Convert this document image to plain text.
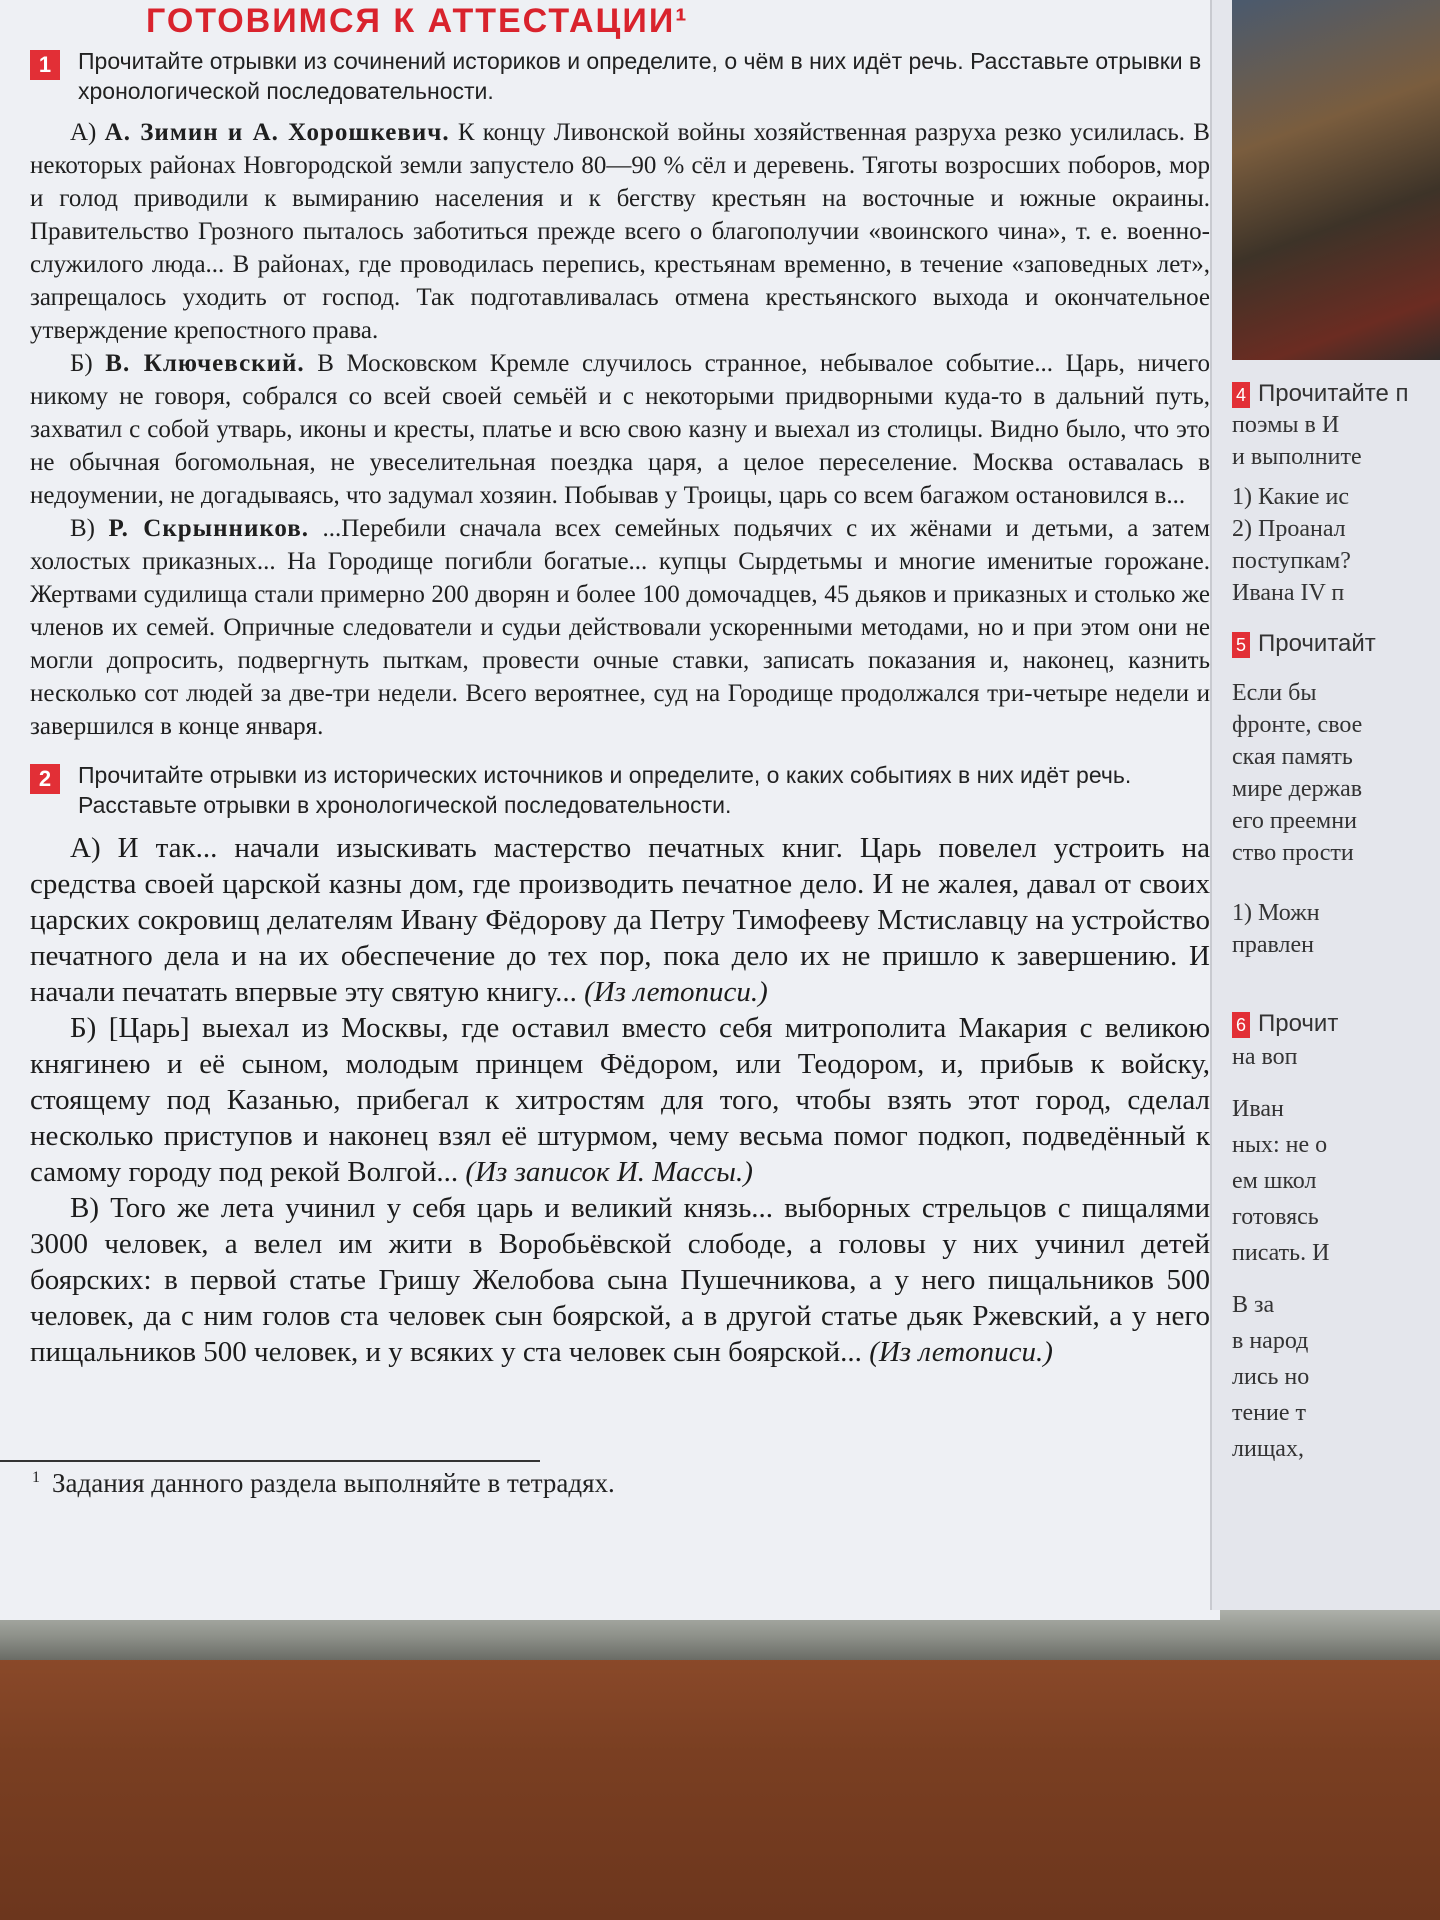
ГОТОВИМСЯ К АТТЕСТАЦИИ¹
1	Прочитайте отрывки из сочинений историков и определите, о чём в них идёт речь. Расставьте отрывки в хронологической последовательности.

А) А. Зимин и А. Хорошкевич. К концу Ливонской войны хозяйственная разруха резко усилилась. В некоторых районах Новгородской земли запустело 80—90 % сёл и деревень. Тяготы возросших поборов, мор и голод приводили к вымиранию населения и к бегству крестьян на восточные и южные окраины. Правительство Грозного пыталось заботиться прежде всего о благополучии «воинского чина», т. е. военно-служилого люда... В районах, где проводилась перепись, крестьянам временно, в течение «заповедных лет», запрещалось уходить от господ. Так подготавливалась отмена крестьянского выхода и окончательное утверждение крепостного права.

Б) В. Ключевский. В Московском Кремле случилось странное, небывалое событие... Царь, ничего никому не говоря, собрался со всей своей семьёй и с некоторыми придворными куда-то в дальний путь, захватил с собой утварь, иконы и кресты, платье и всю свою казну и выехал из столицы. Видно было, что это не обычная богомольная, не увеселительная поездка царя, а целое переселение. Москва оставалась в недоумении, не догадываясь, что задумал хозяин. Побывав у Троицы, царь со всем багажом остановился в...

В) Р. Скрынников. ...Перебили сначала всех семейных подьячих с их жёнами и детьми, а затем холостых приказных... На Городище погибли богатые... купцы Сырдетьмы и многие именитые горожане. Жертвами судилища стали примерно 200 дворян и более 100 домочадцев, 45 дьяков и приказных и столько же членов их семей. Опричные следователи и судьи действовали ускоренными методами, но и при этом они не могли допросить, подвергнуть пыткам, провести очные ставки, записать показания и, наконец, казнить несколько сот людей за две-три недели. Всего вероятнее, суд на Городище продолжался три-четыре недели и завершился в конце января.

2	Прочитайте отрывки из исторических источников и определите, о каких событиях в них идёт речь. Расставьте отрывки в хронологической последовательности.

А) И так... начали изыскивать мастерство печатных книг. Царь повелел устроить на средства своей царской казны дом, где производить печатное дело. И не жалея, давал от своих царских сокровищ делателям Ивану Фёдорову да Петру Тимофееву Мстиславцу на устройство печатного дела и на их обеспечение до тех пор, пока дело их не пришло к завершению. И начали печатать впервые эту святую книгу... (Из летописи.)

Б) [Царь] выехал из Москвы, где оставил вместо себя митрополита Макария с великою княгинею и её сыном, молодым принцем Фёдором, или Теодором, и, прибыв к войску, стоящему под Казанью, прибегал к хитростям для того, чтобы взять этот город, сделал несколько приступов и наконец взял её штурмом, чему весьма помог подкоп, подведённый к самому городу под рекой Волгой... (Из записок И. Массы.)

В) Того же лета учинил у себя царь и великий князь... выборных стрельцов с пищалями 3000 человек, а велел им жити в Воробьёвской слободе, а головы у них учинил детей боярских: в первой статье Гришу Желобова сына Пушечникова, а у него пищальников 500 человек, да с ним голов ста человек сын боярской, а в другой статье дьяк Ржевский, а у него пищальников 500 человек, и у всяких у ста человек сын боярской... (Из летописи.)

$^1$ Задания данного раздела выполняйте в тетрадях.
4 Прочитайте п
поэмы в И
и выполните
1) Какие ис
2) Проанал
поступкам?
Ивана IV п
5 Прочитайт
Если бы
фронте, свое
ская память
мире держав
его преемни
ство прости
1) Можн
правлен
6 Прочит
на воп
Иван
ных: не о
ем школ
готовясь
писать. И
В за
в народ
лись но
тение т
лищах,
